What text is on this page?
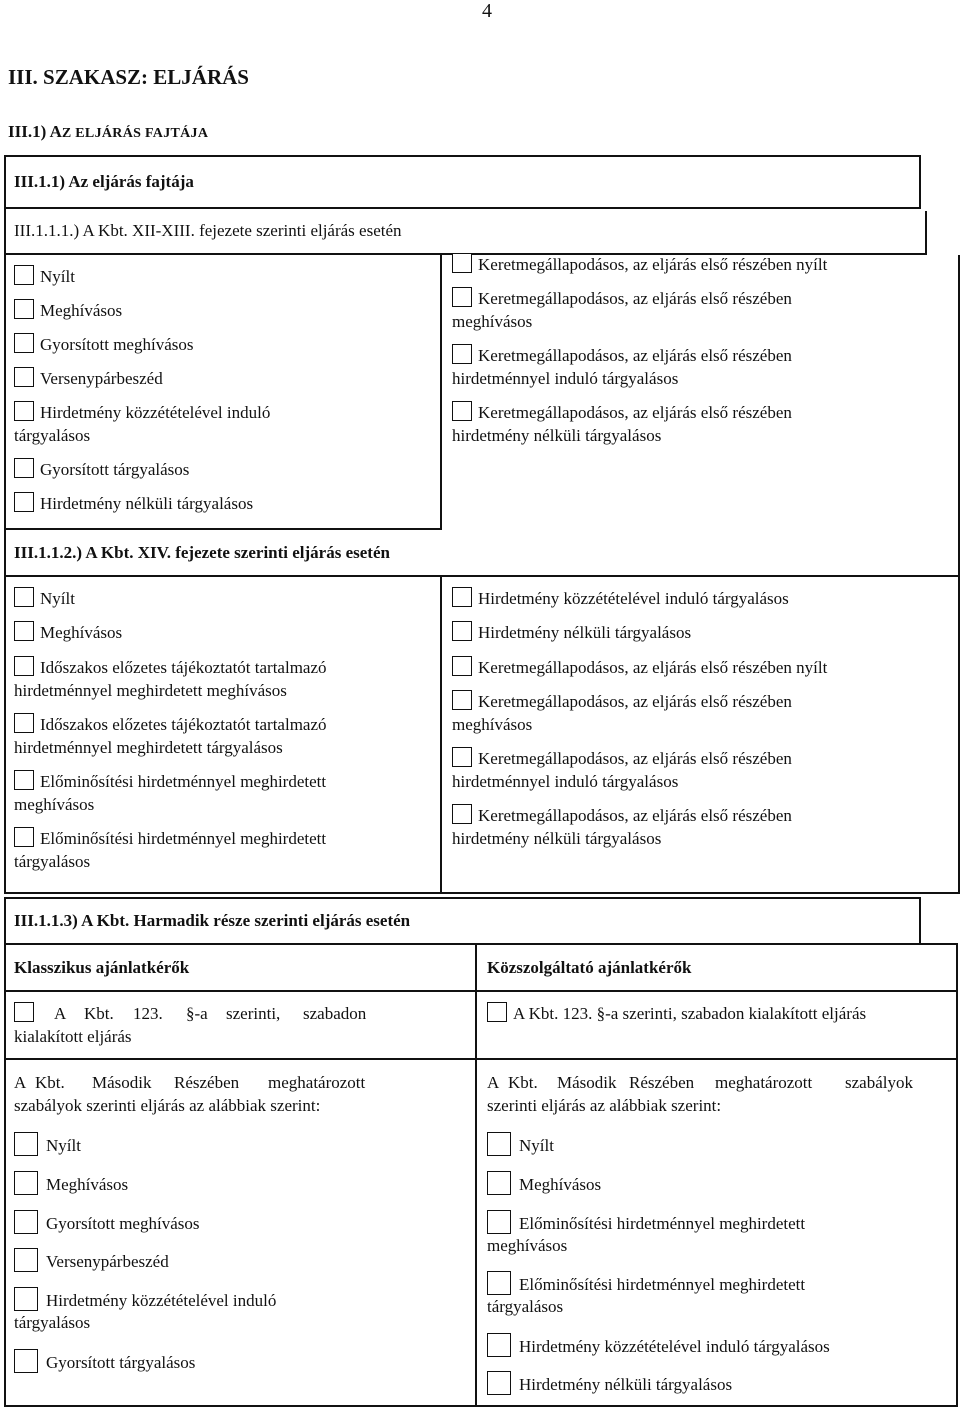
4
III. SZAKASZ: ELJÁRÁS
III.1) AZ ELJÁRÁS FAJTÁJA
III.1.1) Az eljárás fajtája
III.1.1.1.) A Kbt. XII-XIII. fejezete szerinti eljárás esetén
Nyílt
Meghívásos
Gyorsított meghívásos
Versenypárbeszéd
Hirdetmény közzétételével induló
tárgyalásos
Gyorsított tárgyalásos
Hirdetmény nélküli tárgyalásos
Keretmegállapodásos, az eljárás első részében nyílt
Keretmegállapodásos, az eljárás első részében
meghívásos
Keretmegállapodásos, az eljárás első részében
hirdetménnyel induló tárgyalásos
Keretmegállapodásos, az eljárás első részében
hirdetmény nélküli tárgyalásos
III.1.1.2.) A Kbt. XIV. fejezete szerinti eljárás esetén
Nyílt
Meghívásos
Időszakos előzetes tájékoztatót tartalmazó
hirdetménnyel meghirdetett meghívásos
Időszakos előzetes tájékoztatót tartalmazó
hirdetménnyel meghirdetett tárgyalásos
Előminősítési hirdetménnyel meghirdetett
meghívásos
Előminősítési hirdetménnyel meghirdetett
tárgyalásos
Hirdetmény közzétételével induló tárgyalásos
Hirdetmény nélküli tárgyalásos
Keretmegállapodásos, az eljárás első részében nyílt
Keretmegállapodásos, az eljárás első részében
meghívásos
Keretmegállapodásos, az eljárás első részében
hirdetménnyel induló tárgyalásos
Keretmegállapodásos, az eljárás első részében
hirdetmény nélküli tárgyalásos
III.1.1.3) A Kbt. Harmadik része szerinti eljárás esetén
Klasszikus ajánlatkérők	Közszolgáltató ajánlatkérők
A Kbt. 123. §-a szerinti, szabadon
kialakított eljárás
A Kbt. 123. §-a szerinti, szabadon kialakított eljárás
A Kbt. Második Részében meghatározott
szabályok szerinti eljárás az alábbiak szerint:
A Kbt. Második Részében meghatározott szabályok
szerinti eljárás az alábbiak szerint:
Nyílt
Meghívásos
Gyorsított meghívásos
Versenypárbeszéd
Hirdetmény közzétételével induló
tárgyalásos
Gyorsított tárgyalásos
Nyílt
Meghívásos
Előminősítési hirdetménnyel meghirdetett
meghívásos
Előminősítési hirdetménnyel meghirdetett
tárgyalásos
Hirdetmény közzétételével induló tárgyalásos
Hirdetmény nélküli tárgyalásos
